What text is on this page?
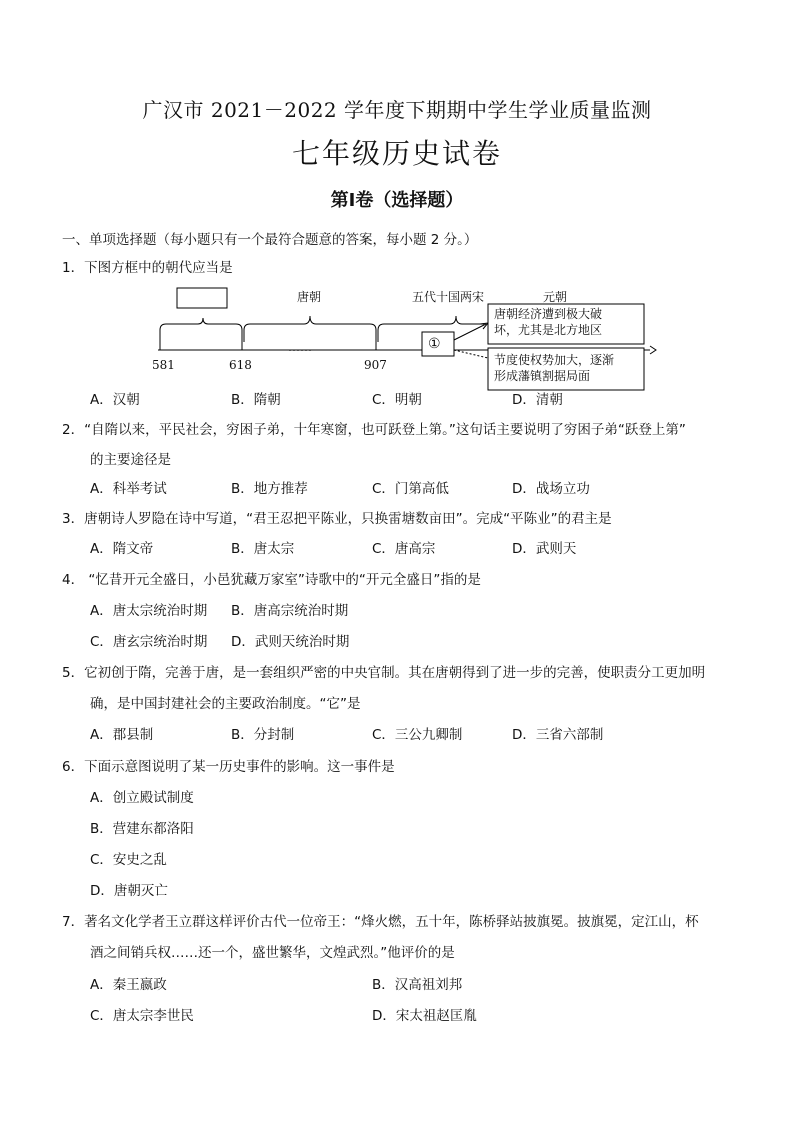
广汉市 2021－2022 学年度下期期中学生学业质量监测
七年级历史试卷
第Ⅰ卷（选择题）
一、单项选择题（每小题只有一个最符合题意的答案，每小题 2 分。）
1．下图方框中的朝代应当是
唐朝	五代十国两宋	元朝
581	618	907
……	①
唐朝经济遭到极大破
坏，尤其是北方地区
节度使权势加大，逐渐
形成藩镇割据局面
A．汉朝	B．隋朝	C．明朝	D．清朝
2．“自隋以来，平民社会，穷困子弟，十年寒窗，也可跃登上第。”这句话主要说明了穷困子弟“跃登上第”
的主要途径是
A．科举考试	B．地方推荐	C．门第高低	D．战场立功
3．唐朝诗人罗隐在诗中写道，“君王忍把平陈业，只换雷塘数亩田”。完成“平陈业”的君主是
A．隋文帝	B．唐太宗	C．唐高宗	D．武则天
4． “忆昔开元全盛日，小邑犹藏万家室”诗歌中的“开元全盛日”指的是
A．唐太宗统治时期 B．唐高宗统治时期
C．唐玄宗统治时期 D．武则天统治时期
5．它初创于隋，完善于唐，是一套组织严密的中央官制。其在唐朝得到了进一步的完善，使职责分工更加明
确，是中国封建社会的主要政治制度。“它”是
A．郡县制	B．分封制	C．三公九卿制	D．三省六部制
6．下面示意图说明了某一历史事件的影响。这一事件是
A．创立殿试制度
B．营建东都洛阳
C．安史之乱
D．唐朝灭亡
7．著名文化学者王立群这样评价古代一位帝王：“烽火燃，五十年，陈桥驿站披旗冕。披旗冕，定江山，杯
酒之间销兵权……还一个，盛世繁华，文煌武烈。”他评价的是
A．秦王嬴政	B．汉高祖刘邦
C．唐太宗李世民	D．宋太祖赵匡胤
